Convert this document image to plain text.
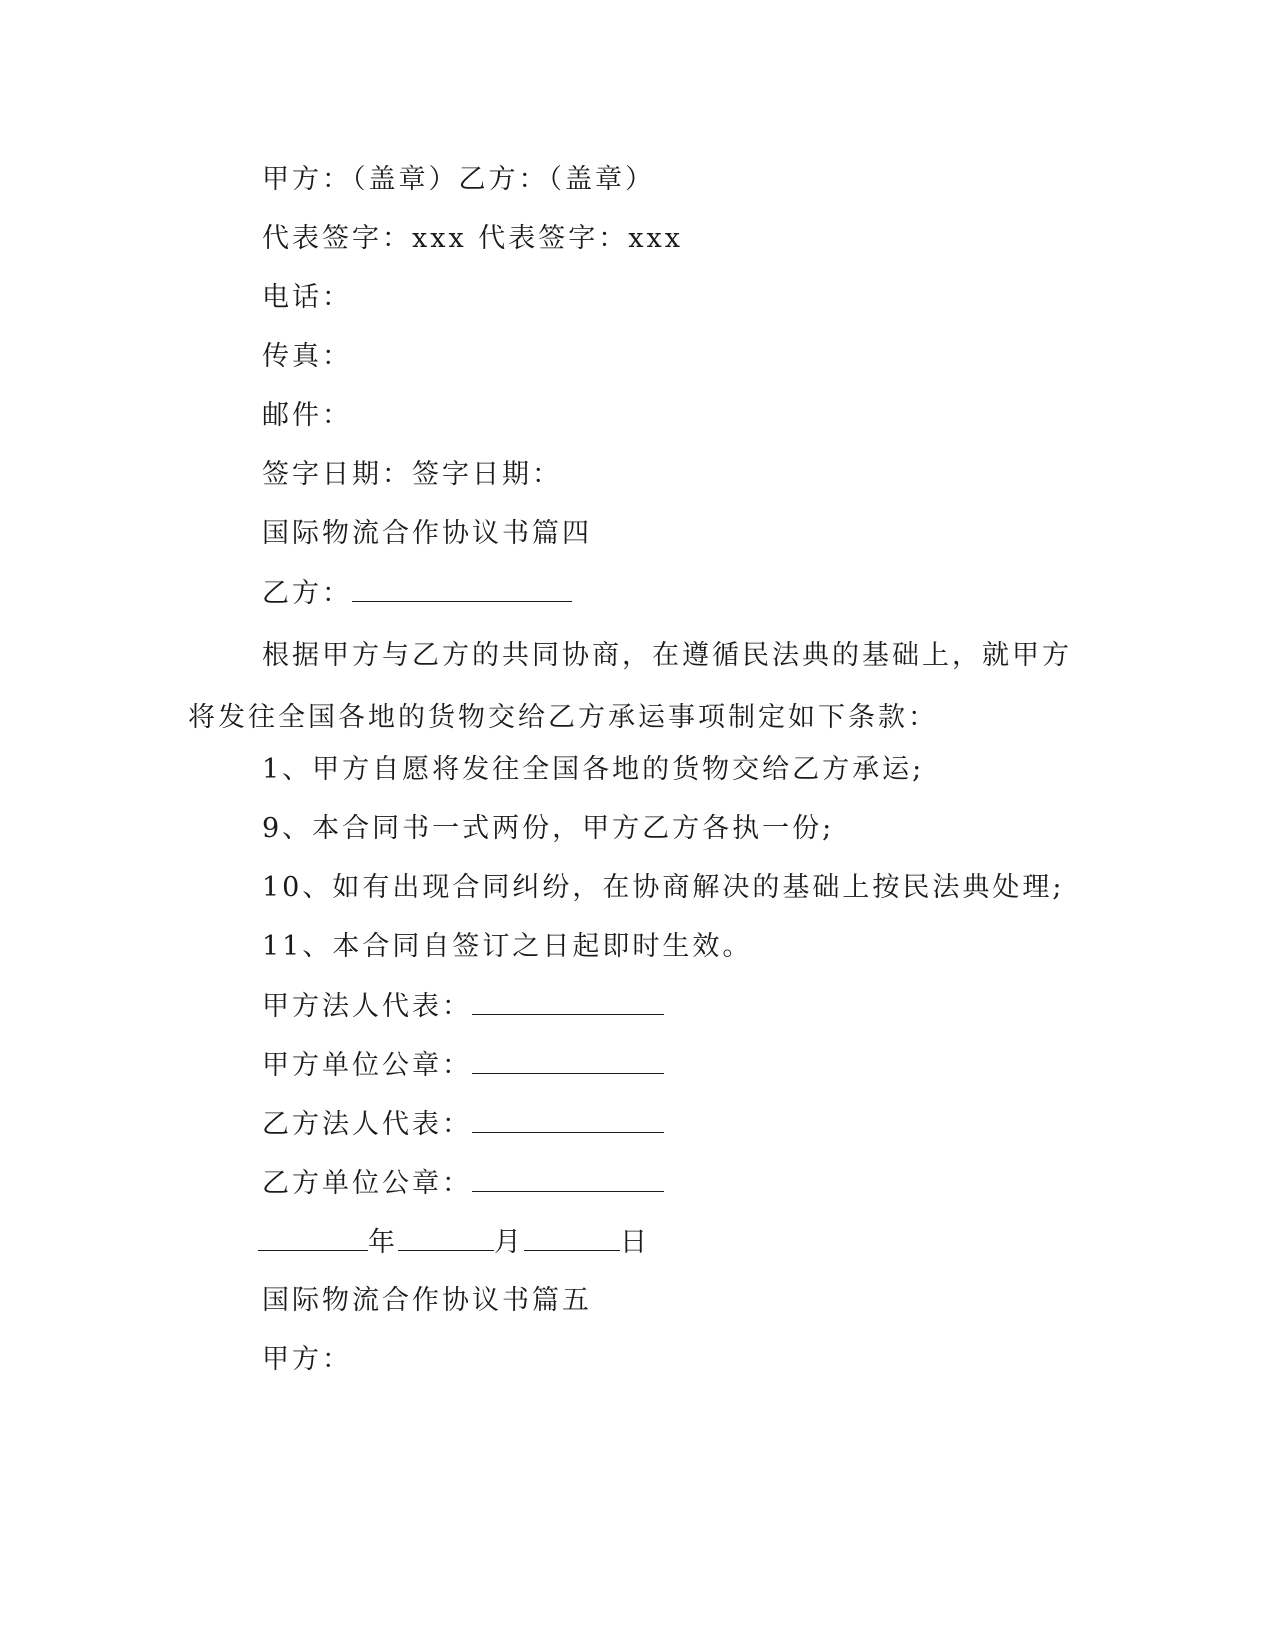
甲方：（盖章）乙方：（盖章）
代表签字：xxx 代表签字：xxx
电话：
传真：
邮件：
签字日期：签字日期：
国际物流合作协议书篇四
乙方：
根据甲方与乙方的共同协商，在遵循民法典的基础上，就甲方将发往全国各地的货物交给乙方承运事项制定如下条款：
1、甲方自愿将发往全国各地的货物交给乙方承运;
9、本合同书一式两份，甲方乙方各执一份;
10、如有出现合同纠纷，在协商解决的基础上按民法典处理;
11、本合同自签订之日起即时生效。
甲方法人代表：
甲方单位公章：
乙方法人代表：
乙方单位公章：
年	月	日
国际物流合作协议书篇五
甲方：
